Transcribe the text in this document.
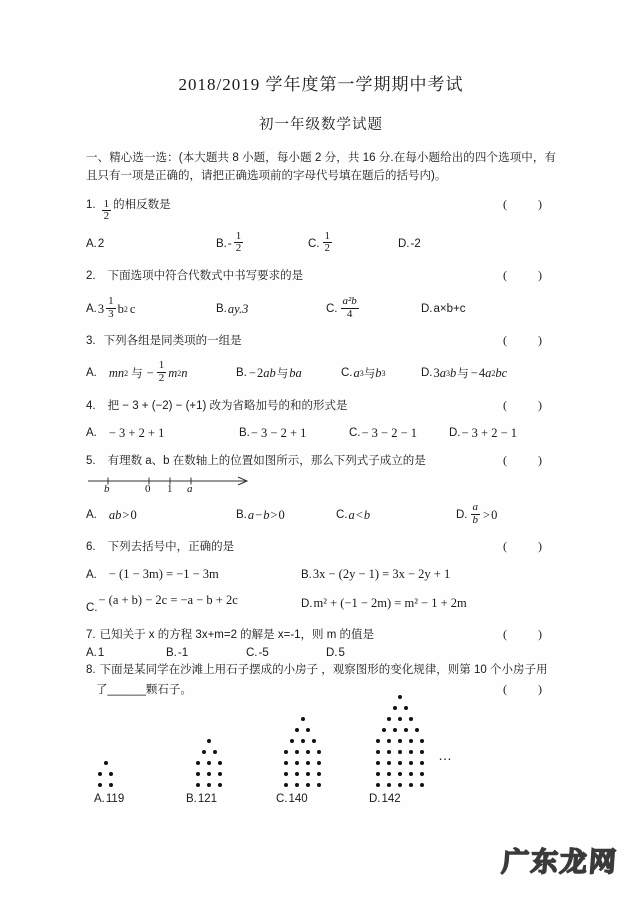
2018/2019 学年度第一学期期中考试
初一年级数学试题
一、精心选一选：(本大题共 8 小题，每小题 2 分，共 16 分.在每小题给出的四个选项中，有且只有一项是正确的，请把正确选项前的字母代号填在题后的括号内)。
1. $\frac{1}{2}$ 的相反数是	( )
A. 2	B. - $\frac{1}{2}$	C. $\frac{1}{2}$	D. -2
2. 下面选项中符合代数式中书写要求的是	( )
A. $3 \frac{1}{3}$ b 2 c	B. ay.3	C. $\frac{\text{a²b}}{4}$	D. a×b+c
3. 下列各组是同类项的一组是	( )
A. mn 2 与 − $\frac{1}{2}$ m 2 n	B. − 2 ab 与 ba	C. a 3 与 b 3	D. 3 a 3 b 与 − 4 a 2 bc
4. 把 − 3 + (−2) − (+1) 改为省略加号的和的形式是	( )
A. − 3 + 2 + 1	B. − 3 − 2 + 1	C. − 3 − 2 − 1	D. − 3 + 2 − 1
5. 有理数 a、b 在数轴上的位置如图所示，那么下列式子成立的是	( )
b	0 1 a
A. ab > 0	B. a − b > 0	C. a < b	D. $\frac{a}{b} > 0$
6. 下列去括号中，正确的是	( )
A. − (1 − 3m) = −1 − 3m	B. 3x − (2y − 1) = 3x − 2y + 1
C.
− (a + b) − 2c = −a − b + 2c	D. m² + (−1 − 2m) = m² − 1 + 2m
7. 已知关于 x 的方程 3x+m=2 的解是 x=-1，则 m 的值是	( )
A. 1	B. -1	C. -5	D. 5
8. 下面是某同学在沙滩上用石子摆成的小房子 ，观察图形的变化规律，则第 10 个小房子用
了______颗石子。	( )
…
A.119	B.121	C.140	D.142
广东龙网
